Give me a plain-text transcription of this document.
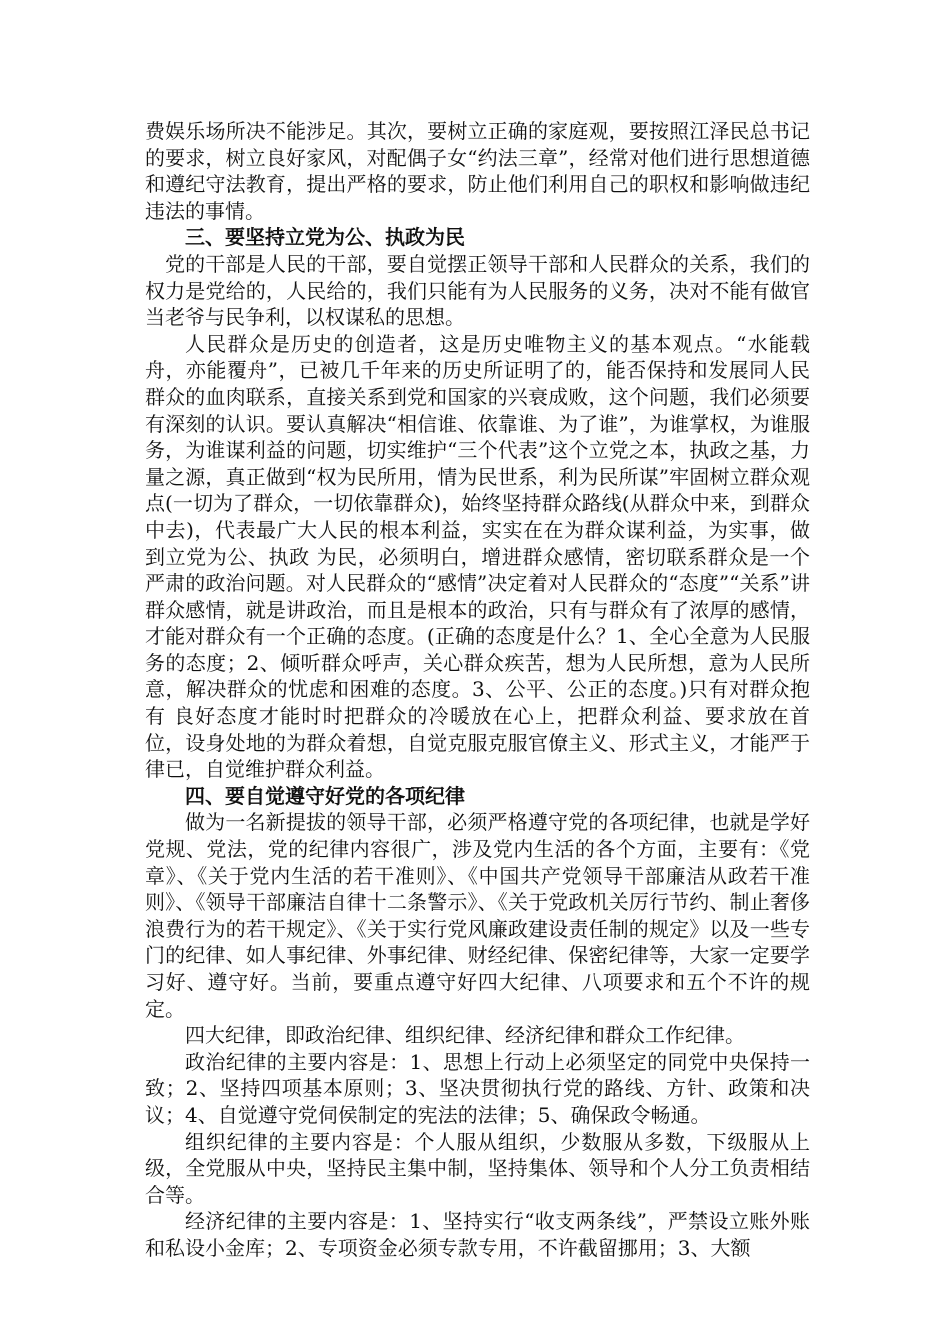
费娱乐场所决不能涉足。其次，要树立正确的家庭观，要按照江泽民总书记的要求，树立良好家风，对配偶子女“约法三章”，经常对他们进行思想道德和遵纪守法教育，提出严格的要求，防止他们利用自己的职权和影响做违纪违法的事情。

三、要坚持立党为公、执政为民

党的干部是人民的干部，要自觉摆正领导干部和人民群众的关系，我们的权力是党给的，人民给的，我们只能有为人民服务的义务，决对不能有做官当老爷与民争利，以权谋私的思想。

人民群众是历史的创造者，这是历史唯物主义的基本观点。“水能载舟，亦能覆舟”，已被几千年来的历史所证明了的，能否保持和发展同人民群众的血肉联系，直接关系到党和国家的兴衰成败，这个问题，我们必须要有深刻的认识。要认真解决“相信谁、依靠谁、为了谁”，为谁掌权，为谁服务，为谁谋利益的问题，切实维护“三个代表”这个立党之本，执政之基，力量之源，真正做到“权为民所用，情为民世系，利为民所谋”牢固树立群众观点(一切为了群众，一切依靠群众)，始终坚持群众路线(从群众中来，到群众中去)，代表最广大人民的根本利益，实实在在为群众谋利益，为实事，做到立党为公、执政 为民，必须明白，增进群众感情，密切联系群众是一个严肃的政治问题。对人民群众的“感情”决定着对人民群众的“态度”“关系”讲群众感情，就是讲政治，而且是根本的政治，只有与群众有了浓厚的感情，才能对群众有一个正确的态度。(正确的态度是什么？1、全心全意为人民服务的态度；2、倾听群众呼声，关心群众疾苦，想为人民所想，意为人民所意，解决群众的忧虑和困难的态度。3、公平、公正的态度。)只有对群众抱有 良好态度才能时时把群众的冷暖放在心上，把群众利益、要求放在首位，设身处地的为群众着想，自觉克服克服官僚主义、形式主义，才能严于律已，自觉维护群众利益。

四、要自觉遵守好党的各项纪律

做为一名新提拔的领导干部，必须严格遵守党的各项纪律，也就是学好党规、党法，党的纪律内容很广，涉及党内生活的各个方面，主要有：《党章》、《关于党内生活的若干准则》、《中国共产党领导干部廉洁从政若干准则》、《领导干部廉洁自律十二条警示》、《关于党政机关厉行节约、制止奢侈浪费行为的若干规定》、《关于实行党风廉政建设责任制的规定》以及一些专门的纪律、如人事纪律、外事纪律、财经纪律、保密纪律等，大家一定要学习好、遵守好。当前，要重点遵守好四大纪律、八项要求和五个不许的规定。

四大纪律，即政治纪律、组织纪律、经济纪律和群众工作纪律。

政治纪律的主要内容是：1、思想上行动上必须坚定的同党中央保持一致；2、坚持四项基本原则；3、坚决贯彻执行党的路线、方针、政策和决议；4、自觉遵守党伺侯制定的宪法的法律；5、确保政令畅通。

组织纪律的主要内容是：个人服从组织，少数服从多数，下级服从上级，全党服从中央，坚持民主集中制，坚持集体、领导和个人分工负责相结合等。

经济纪律的主要内容是：1、坚持实行“收支两条线”，严禁设立账外账和私设小金库；2、专项资金必须专款专用，不许截留挪用；3、大额
